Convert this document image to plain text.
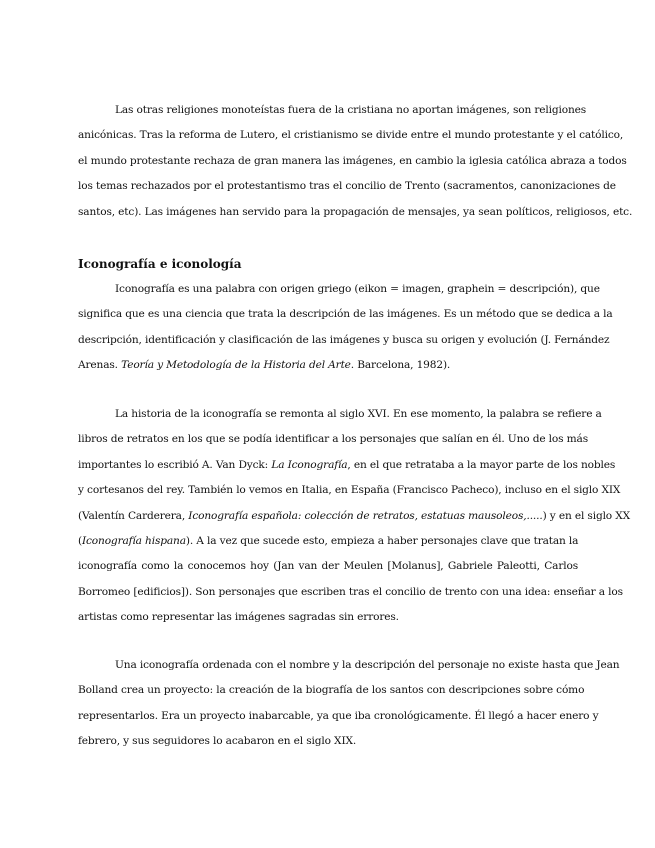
Las otras religiones monoteístas fuera de la cristiana no aportan imágenes, son religiones
anicónicas. Tras la reforma de Lutero, el cristianismo se divide entre el mundo protestante y el católico,
el mundo protestante rechaza de gran manera las imágenes, en cambio la iglesia católica abraza a todos
los temas rechazados por el protestantismo tras el concilio de Trento (sacramentos, canonizaciones de
santos, etc). Las imágenes han servido para la propagación de mensajes, ya sean políticos, religiosos, etc.

Iconografía e iconología

Iconografía es una palabra con origen griego (eikon = imagen, graphein = descripción), que
significa que es una ciencia que trata la descripción de las imágenes. Es un método que se dedica a la
descripción, identificación y clasificación de las imágenes y busca su origen y evolución (J. Fernández
Arenas. Teoría y Metodología de la Historia del Arte. Barcelona, 1982).

La historia de la iconografía se remonta al siglo XVI. En ese momento, la palabra se refiere a
libros de retratos en los que se podía identificar a los personajes que salían en él. Uno de los más
importantes lo escribió A. Van Dyck: La Iconografía, en el que retrataba a la mayor parte de los nobles
y cortesanos del rey. También lo vemos en Italia, en España (Francisco Pacheco), incluso en el siglo XIX
(Valentín Carderera, Iconografía española: colección de retratos, estatuas mausoleos,.....) y en el siglo XX
(Iconografía hispana). A la vez que sucede esto, empieza a haber personajes clave que tratan la
iconografía como la conocemos hoy (Jan van der Meulen [Molanus], Gabriele Paleotti, Carlos
Borromeo [edificios]). Son personajes que escriben tras el concilio de trento con una idea: enseñar a los
artistas como representar las imágenes sagradas sin errores.

Una iconografía ordenada con el nombre y la descripción del personaje no existe hasta que Jean
Bolland crea un proyecto: la creación de la biografía de los santos con descripciones sobre cómo
representarlos. Era un proyecto inabarcable, ya que iba cronológicamente. Él llegó a hacer enero y
febrero, y sus seguidores lo acabaron en el siglo XIX.
